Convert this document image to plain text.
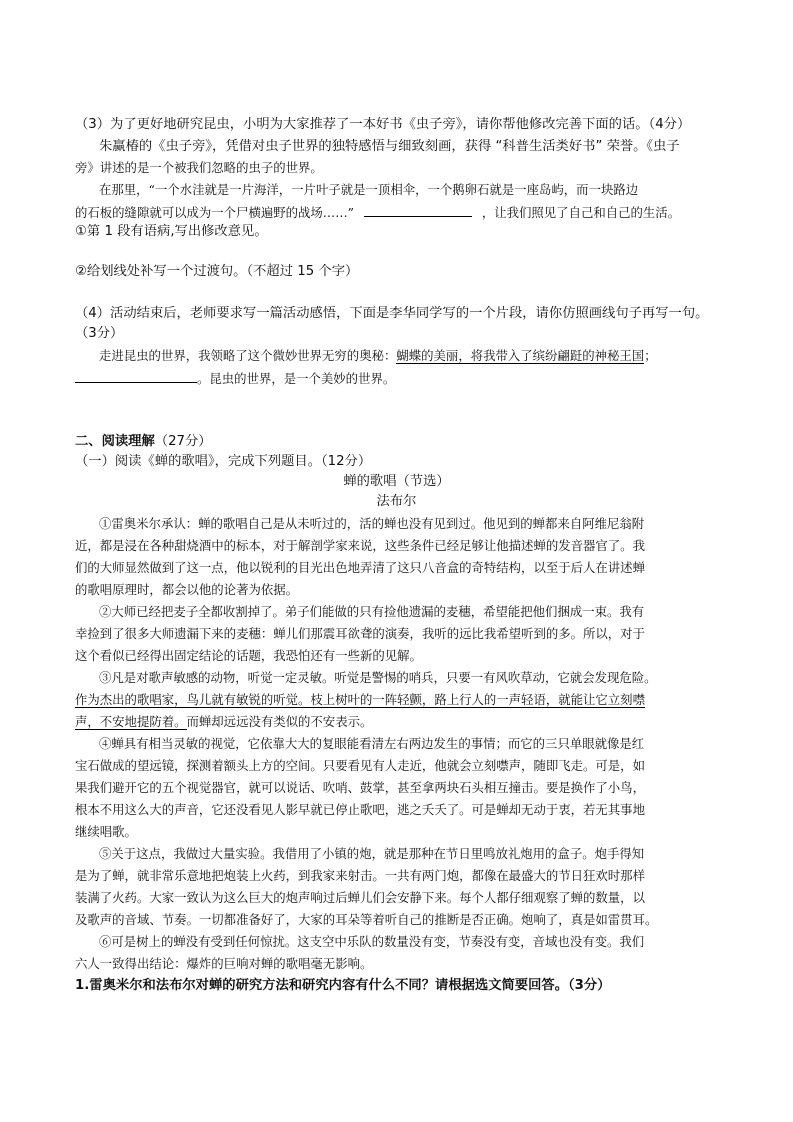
（3）为了更好地研究昆虫，小明为大家推荐了一本好书《虫子旁》，请你帮他修改完善下面的话。（4分）
朱赢椿的《虫子旁》，凭借对虫子世界的独特感悟与细致刻画，获得 “科普生活类好书” 荣誉。《虫子
旁》讲述的是一个被我们忽略的虫子的世界。
在那里，“一个水洼就是一片海洋，一片叶子就是一顶相伞，一个鹅卵石就是一座岛屿，而一块路边
的石板的缝隙就可以成为一个尸横遍野的战场……”	，让我们照见了自己和自己的生活。
①第 1 段有语病,写出修改意见。
②给划线处补写一个过渡句。（不超过 15 个字）
（4）活动结束后，老师要求写一篇活动感悟，下面是李华同学写的一个片段，请你仿照画线句子再写一句。
（3分）
走进昆虫的世界，我领略了这个微妙世界无穷的奥秘：蝴蝶的美丽，将我带入了缤纷翩跹的神秘王国；
。昆虫的世界，是一个美妙的世界。
二、阅读理解（27分）
（一）阅读《蝉的歌唱》，完成下列题目。（12分）
蝉的歌唱（节选）
法布尔
①雷奥米尔承认：蝉的歌唱自己是从未听过的，活的蝉也没有见到过。他见到的蝉都来自阿维尼翁附
近，都是浸在各种甜烧酒中的标本，对于解剖学家来说，这些条件已经足够让他描述蝉的发音器官了。我
们的大师显然做到了这一点，他以锐利的目光出色地弄清了这只八音盒的奇特结构，以至于后人在讲述蝉
的歌唱原理时，都会以他的论著为依据。
②大师已经把麦子全都收割掉了。弟子们能做的只有捡他遗漏的麦穗，希望能把他们捆成一束。我有
幸捡到了很多大师遗漏下来的麦穗：蝉儿们那震耳欲聋的演奏，我听的远比我希望听到的多。所以，对于
这个看似已经得出固定结论的话题，我恐怕还有一些新的见解。
③凡是对歌声敏感的动物，听觉一定灵敏。听觉是警惕的哨兵，只要一有风吹草动，它就会发现危险。
作为杰出的歌唱家，鸟儿就有敏锐的听觉。枝上树叶的一阵轻颤，路上行人的一声轻语，就能让它立刻噤
声，不安地提防着。而蝉却远远没有类似的不安表示。
④蝉具有相当灵敏的视觉，它依靠大大的复眼能看清左右两边发生的事情；而它的三只单眼就像是红
宝石做成的望远镜，探测着额头上方的空间。只要看见有人走近，他就会立刻噤声，随即飞走。可是，如
果我们避开它的五个视觉器官，就可以说话、吹哨、鼓掌，甚至拿两块石头相互撞击。要是换作了小鸟，
根本不用这么大的声音，它还没看见人影早就已停止歌吧，逃之夭夭了。可是蝉却无动于衷，若无其事地
继续唱歌。
⑤关于这点，我做过大量实验。我借用了小镇的炮，就是那种在节日里鸣放礼炮用的盒子。炮手得知
是为了蝉，就非常乐意地把炮装上火药，到我家来射击。一共有两门炮，都像在最盛大的节日狂欢时那样
装满了火药。大家一致认为这么巨大的炮声响过后蝉儿们会安静下来。每个人都仔细观察了蝉的数量，以
及歌声的音域、节奏。一切都准备好了，大家的耳朵等着听自己的推断是否正确。炮响了，真是如雷贯耳。
⑥可是树上的蝉没有受到任何惊扰。这支空中乐队的数量没有变，节奏没有变，音域也没有变。我们
六人一致得出结论：爆炸的巨响对蝉的歌唱毫无影响。
1.雷奥米尔和法布尔对蝉的研究方法和研究内容有什么不同？请根据选文简要回答。（3分）
